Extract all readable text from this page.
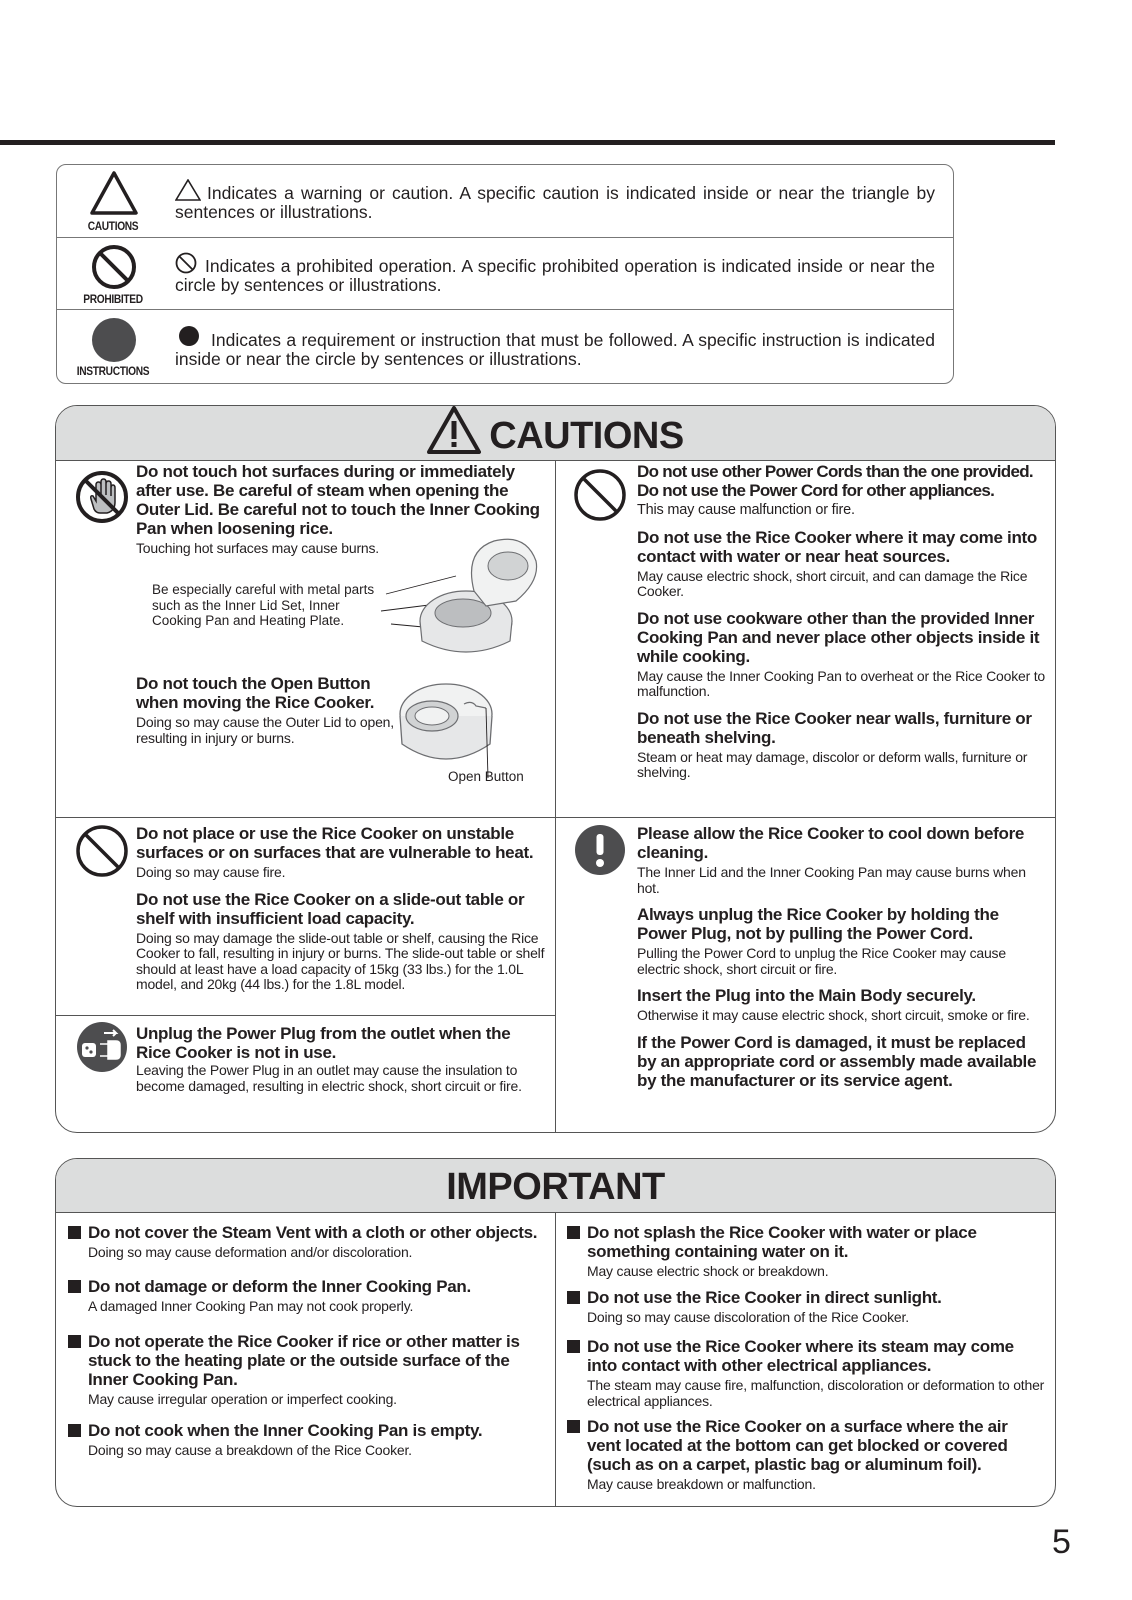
CAUTIONS
Indicates a warning or caution. A specific caution is indicated inside or near the triangle by sentences or illustrations.
PROHIBITED
Indicates a prohibited operation. A specific prohibited operation is indicated inside or near the circle by sentences or illustrations.
INSTRUCTIONS
Indicates a requirement or instruction that must be followed. A specific instruction is indicated inside or near the circle by sentences or illustrations.
CAUTIONS
Do not touch hot surfaces during or immediately after use. Be careful of steam when opening the Outer Lid. Be careful not to touch the Inner Cooking Pan when loosening rice.
Touching hot surfaces may cause burns.
Be especially careful with metal parts such as the Inner Lid Set, Inner Cooking Pan and Heating Plate.
Do not touch the Open Button when moving the Rice Cooker.
Doing so may cause the Outer Lid to open, resulting in injury or burns.
Open Button
Do not use other Power Cords than the one provided. Do not use the Power Cord for other appliances.
This may cause malfunction or fire.
Do not use the Rice Cooker where it may come into contact with water or near heat sources.
May cause electric shock, short circuit, and can damage the Rice Cooker.
Do not use cookware other than the provided Inner Cooking Pan and never place other objects inside it while cooking.
May cause the Inner Cooking Pan to overheat or the Rice Cooker to malfunction.
Do not use the Rice Cooker near walls, furniture or beneath shelving.
Steam or heat may damage, discolor or deform walls, furniture or shelving.
Do not place or use the Rice Cooker on unstable surfaces or on surfaces that are vulnerable to heat.
Doing so may cause fire.
Do not use the Rice Cooker on a slide-out table or shelf with insufficient load capacity.
Doing so may damage the slide-out table or shelf, causing the Rice Cooker to fall, resulting in injury or burns. The slide-out table or shelf should at least have a load capacity of 15kg (33 lbs.) for the 1.0L model, and 20kg (44 lbs.) for the 1.8L model.
Unplug the Power Plug from the outlet when the Rice Cooker is not in use.
Leaving the Power Plug in an outlet may cause the insulation to become damaged, resulting in electric shock, short circuit or fire.
Please allow the Rice Cooker to cool down before cleaning.
The Inner Lid and the Inner Cooking Pan may cause burns when hot.
Always unplug the Rice Cooker by holding the Power Plug, not by pulling the Power Cord.
Pulling the Power Cord to unplug the Rice Cooker may cause electric shock, short circuit or fire.
Insert the Plug into the Main Body securely.
Otherwise it may cause electric shock, short circuit, smoke or fire.
If the Power Cord is damaged, it must be replaced by an appropriate cord or assembly made available by the manufacturer or its service agent.
IMPORTANT
Do not cover the Steam Vent with a cloth or other objects.
Doing so may cause deformation and/or discoloration.
Do not damage or deform the Inner Cooking Pan.
A damaged Inner Cooking Pan may not cook properly.
Do not operate the Rice Cooker if rice or other matter is stuck to the heating plate or the outside surface of the Inner Cooking Pan.
May cause irregular operation or imperfect cooking.
Do not cook when the Inner Cooking Pan is empty.
Doing so may cause a breakdown of the Rice Cooker.
Do not splash the Rice Cooker with water or place something containing water on it.
May cause electric shock or breakdown.
Do not use the Rice Cooker in direct sunlight.
Doing so may cause discoloration of the Rice Cooker.
Do not use the Rice Cooker where its steam may come into contact with other electrical appliances.
The steam may cause fire, malfunction, discoloration or deformation to other electrical appliances.
Do not use the Rice Cooker on a surface where the air vent located at the bottom can get blocked or covered (such as on a carpet, plastic bag or aluminum foil).
May cause breakdown or malfunction.
5
